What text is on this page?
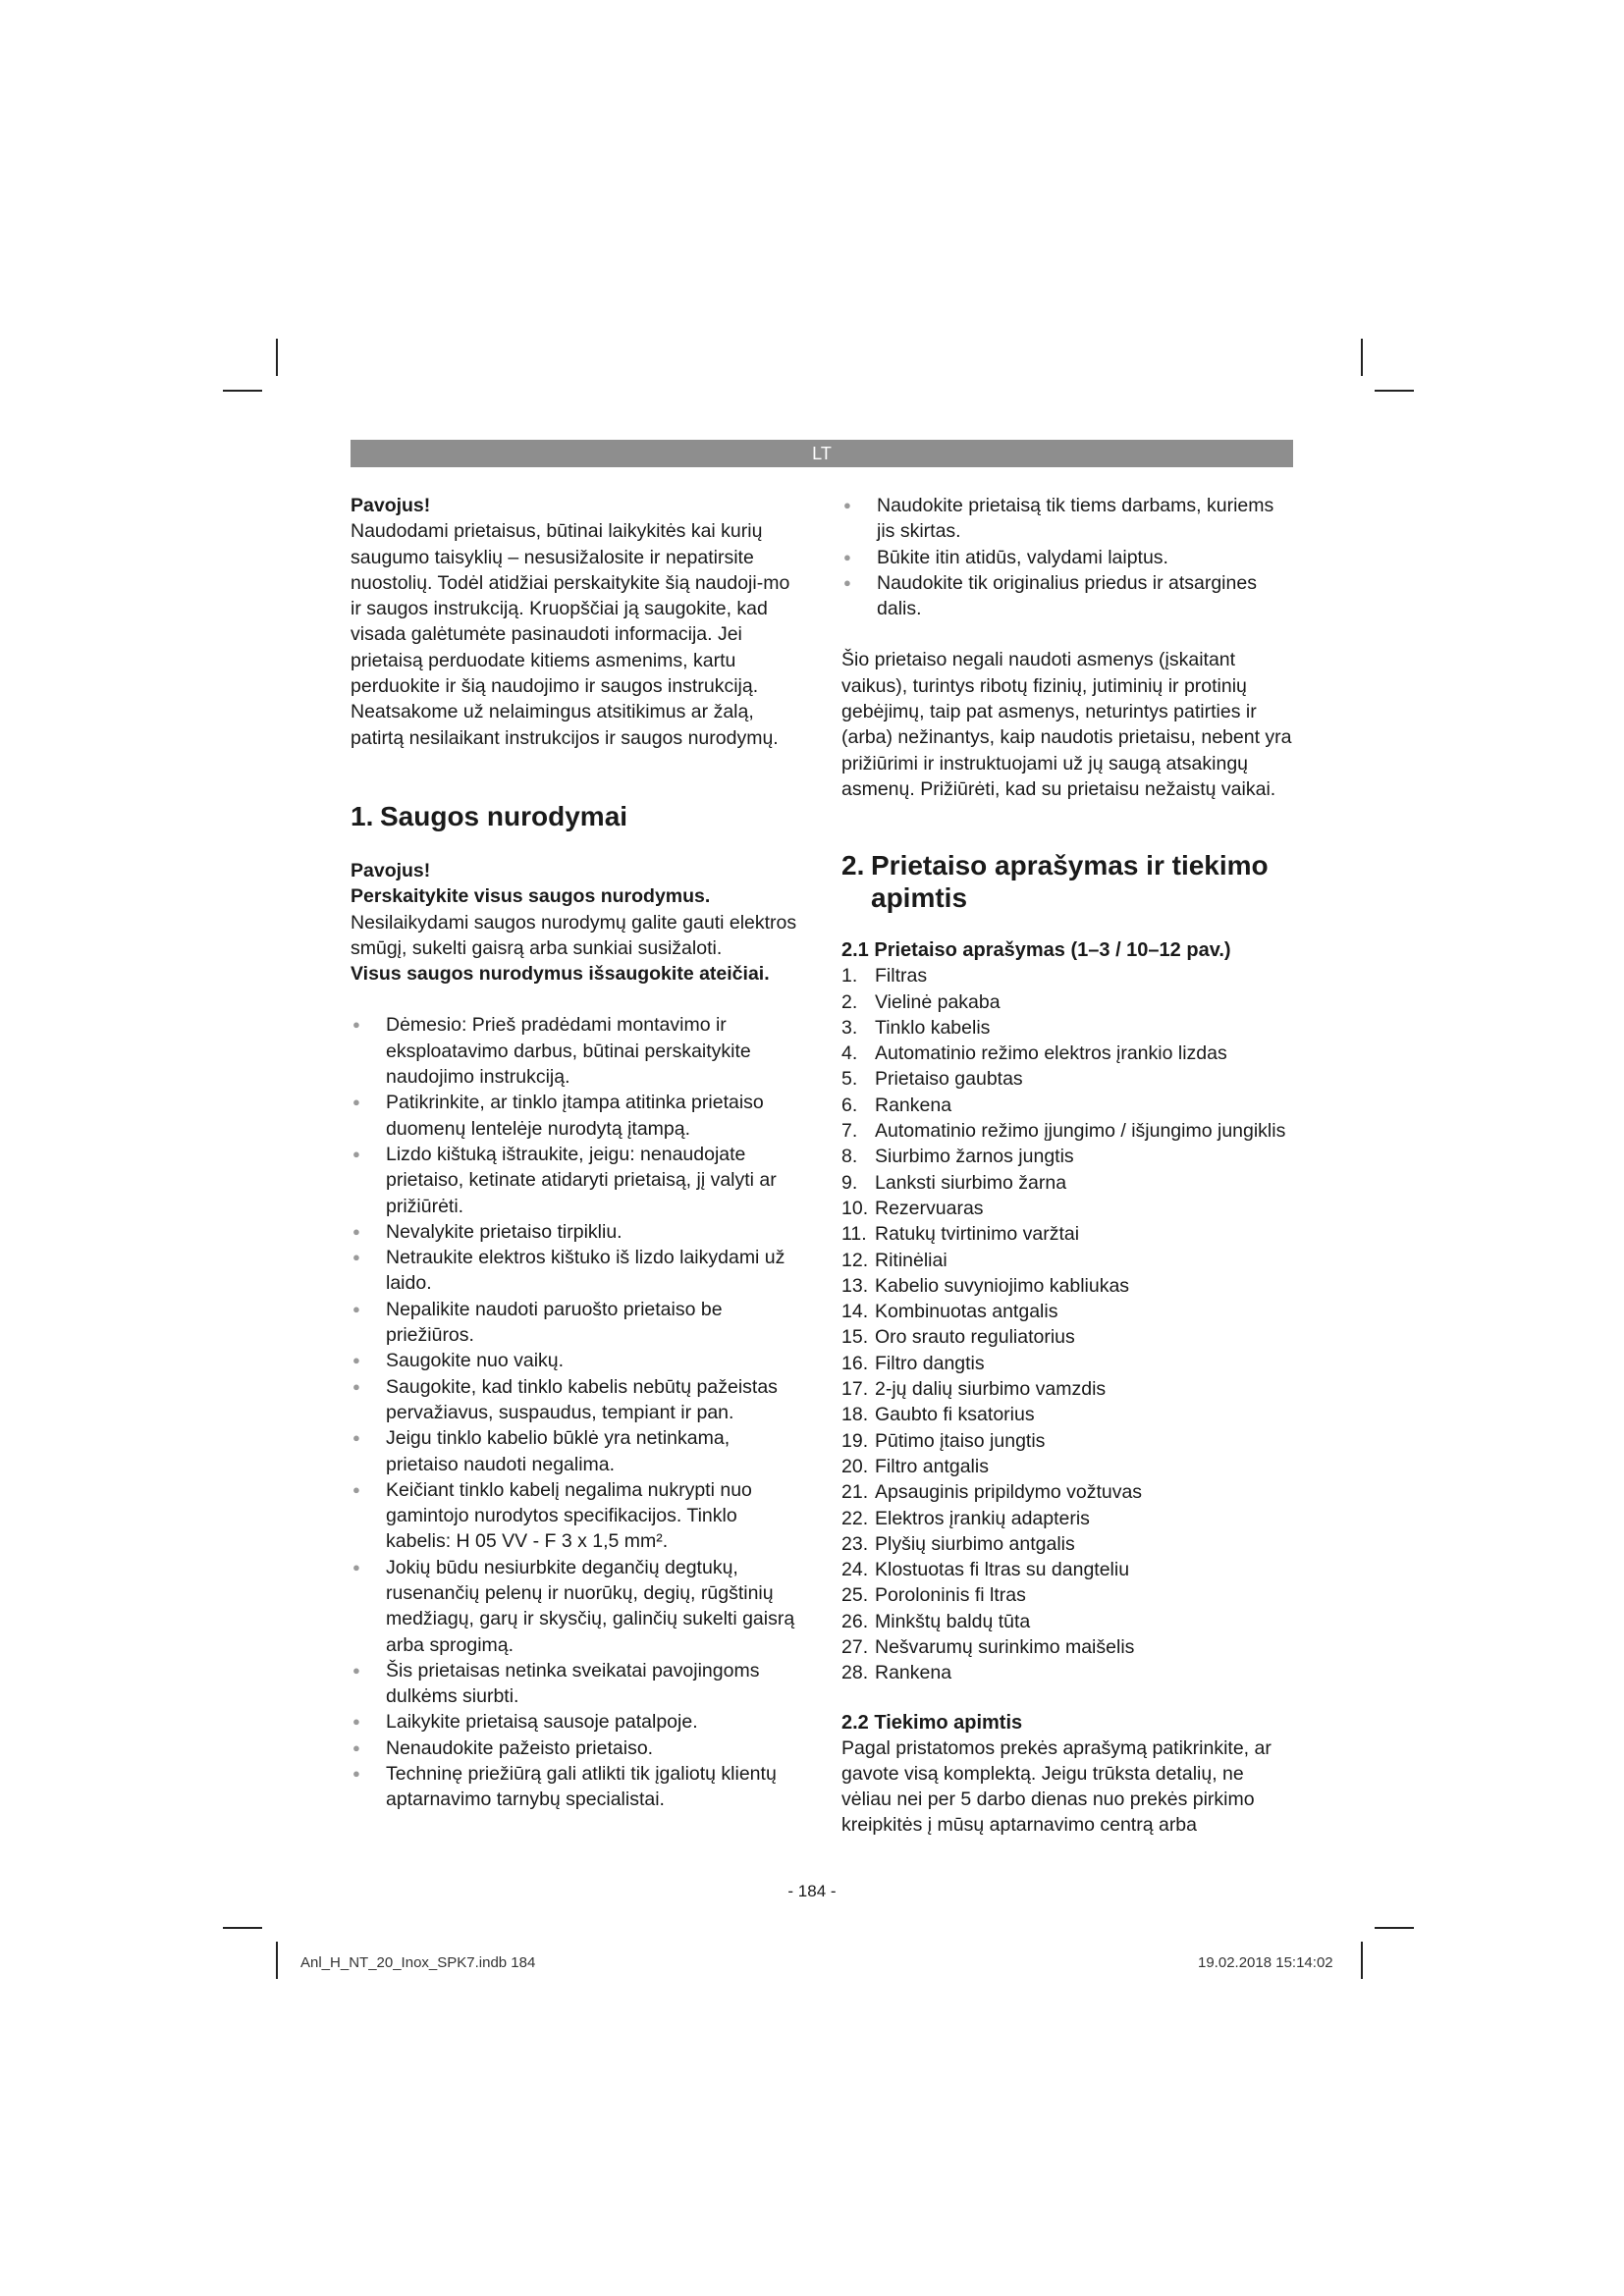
LT

Pavojus!

Naudodami prietaisus, būtinai laikykitės kai kurių saugumo taisyklių – nesusižalosite ir nepatirsite nuostolių. Todėl atidžiai perskaitykite šią naudoji-mo ir saugos instrukciją. Kruopščiai ją saugokite, kad visada galėtumėte pasinaudoti informacija. Jei prietaisą perduodate kitiems asmenims, kartu perduokite ir šią naudojimo ir saugos instrukciją. Neatsakome už nelaimingus atsitikimus ar žalą, patirtą nesilaikant instrukcijos ir saugos nurodymų.

1. Saugos nurodymai

Pavojus!

Perskaitykite visus saugos nurodymus. Nesilaikydami saugos nurodymų galite gauti elektros smūgį, sukelti gaisrą arba sunkiai susižaloti.

Visus saugos nurodymus išsaugokite ateičiai.

● Dėmesio: Prieš pradėdami montavimo ir eksploatavimo darbus, būtinai perskaitykite naudojimo instrukciją.
● Patikrinkite, ar tinklo įtampa atitinka prietaiso duomenų lentelėje nurodytą įtampą.
● Lizdo kištuką ištraukite, jeigu: nenaudojate prietaiso, ketinate atidaryti prietaisą, jį valyti ar prižiūrėti.
● Nevalykite prietaiso tirpikliu.
● Netraukite elektros kištuko iš lizdo laikydami už laido.
● Nepalikite naudoti paruošto prietaiso be priežiūros.
● Saugokite nuo vaikų.
● Saugokite, kad tinklo kabelis nebūtų pažeistas pervažiavus, suspaudus, tempiant ir pan.
● Jeigu tinklo kabelio būklė yra netinkama, prietaiso naudoti negalima.
● Keičiant tinklo kabelį negalima nukrypti nuo gamintojo nurodytos specifikacijos. Tinklo kabelis: H 05 VV - F 3 x 1,5 mm².
● Jokių būdu nesiurbkite degančių degtukų, rusenančių pelenų ir nuorūkų, degių, rūgštinių medžiagų, garų ir skysčių, galinčių sukelti gaisrą arba sprogimą.
● Šis prietaisas netinka sveikatai pavojingoms dulkėms siurbti.
● Laikykite prietaisą sausoje patalpoje.
● Nenaudokite pažeisto prietaiso.
● Techninę priežiūrą gali atlikti tik įgaliotų klientų aptarnavimo tarnybų specialistai.
● Naudokite prietaisą tik tiems darbams, kuriems jis skirtas.
● Būkite itin atidūs, valydami laiptus.
● Naudokite tik originalius priedus ir atsargines dalis.

Šio prietaiso negali naudoti asmenys (įskaitant vaikus), turintys ribotų fizinių, jutiminių ir protinių gebėjimų, taip pat asmenys, neturintys patirties ir (arba) nežinantys, kaip naudotis prietaisu, nebent yra prižiūrimi ir instruktuojami už jų saugą atsakingų asmenų. Prižiūrėti, kad su prietaisu nežaistų vaikai.

2. Prietaiso aprašymas ir tiekimo
apimtis
2.1 Prietaiso aprašymas (1–3 / 10–12 pav.)
1. Filtras
2. Vielinė pakaba
3. Tinklo kabelis
4. Automatinio režimo elektros įrankio lizdas
5. Prietaiso gaubtas
6. Rankena
7. Automatinio režimo įjungimo / išjungimo jungiklis
8. Siurbimo žarnos jungtis
9. Lanksti siurbimo žarna
10. Rezervuaras
11. Ratukų tvirtinimo varžtai
12. Ritinėliai
13. Kabelio suvyniojimo kabliukas
14. Kombinuotas antgalis
15. Oro srauto reguliatorius
16. Filtro dangtis
17. 2-jų dalių siurbimo vamzdis
18. Gaubto fi ksatorius
19. Pūtimo įtaiso jungtis
20. Filtro antgalis
21. Apsauginis pripildymo vožtuvas
22. Elektros įrankių adapteris
23. Plyšių siurbimo antgalis
24. Klostuotas fi ltras su dangteliu
25. Poroloninis fi ltras
26. Minkštų baldų tūta
27. Nešvarumų surinkimo maišelis
28. Rankena
2.2 Tiekimo apimtis

Pagal pristatomos prekės aprašymą patikrinkite, ar gavote visą komplektą. Jeigu trūksta detalių, ne vėliau nei per 5 darbo dienas nuo prekės pirkimo kreipkitės į mūsų aptarnavimo centrą arba

- 184 -
Anl_H_NT_20_Inox_SPK7.indb 184	19.02.2018 15:14:02
